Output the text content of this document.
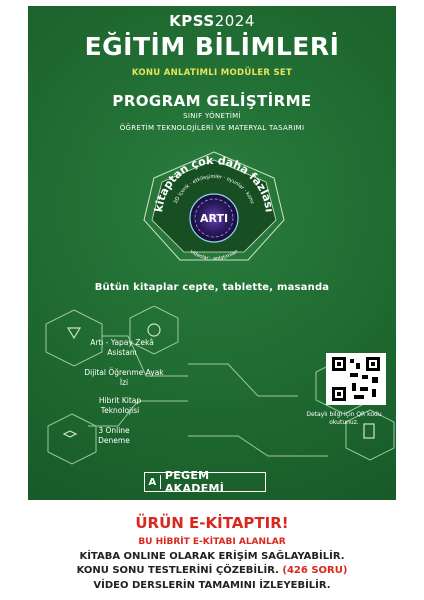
KPSS2024
EĞİTİM BİLİMLERİ
KONU ANLATIMLI MODÜLER SET
PROGRAM GELİŞTİRME
SINIF YÖNETİMİ
ÖĞRETİM TEKNOLOJİLERİ VE MATERYAL TASARIMI
kitaptan çok daha fazlası
3D içerik · etkileşimler · oyunlar · konu
videolar · anlatımları
ARTI
Bütün kitaplar cepte, tablette, masanda
Artı - Yapay Zekâ Asistanı
Dijital Öğrenme Ayak İzi
Hibrit Kitap Teknolojisi
3 Online Deneme
Detaylı bilgi için QR kodu okutunuz.
A PEGEM AKADEMİ
ÜRÜN E-KİTAPTIR!
BU HİBRİT E-KİTABI ALANLAR
KİTABA ONLINE OLARAK ERİŞİM SAĞLAYABİLİR.
KONU SONU TESTLERİNİ ÇÖZEBİLİR. (426 SORU)
VİDEO DERSLERİN TAMAMINI İZLEYEBİLİR.
